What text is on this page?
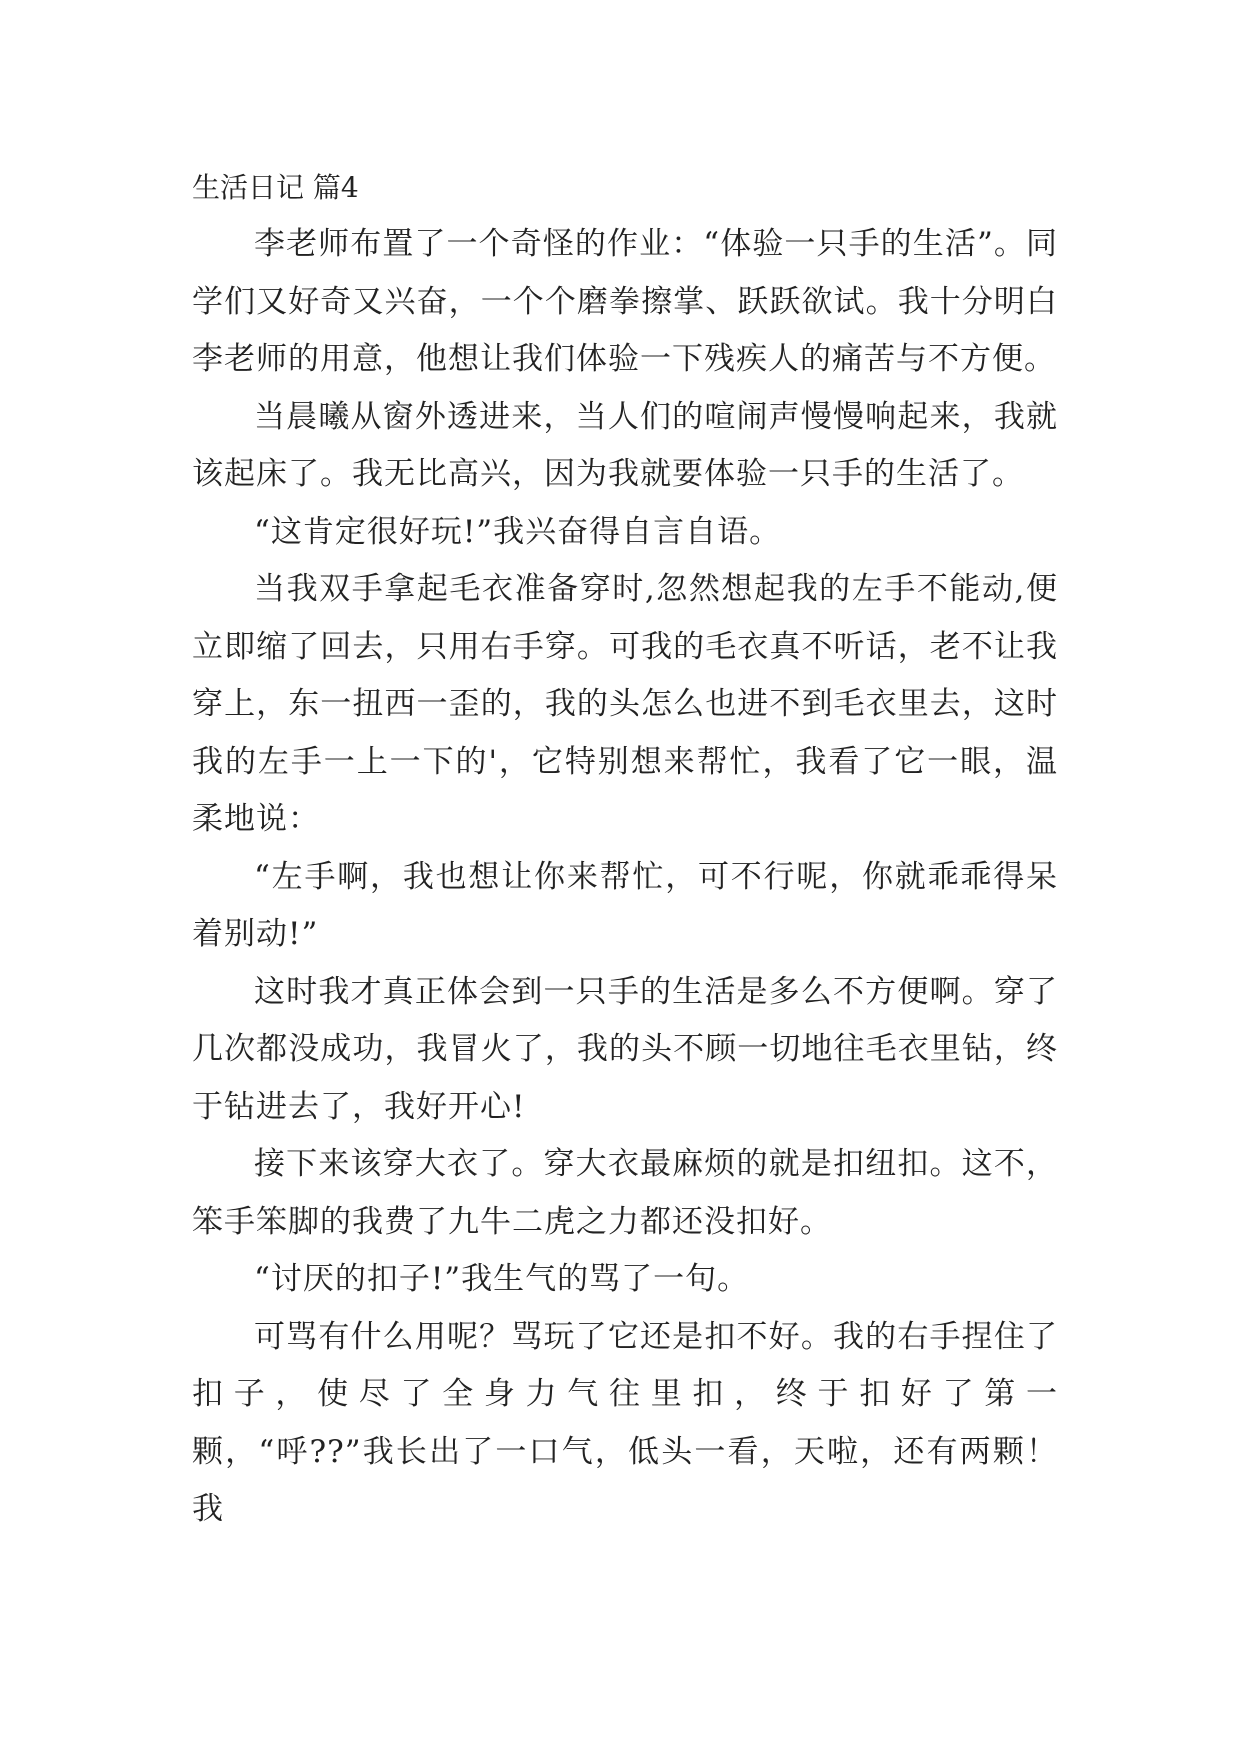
生活日记 篇4

李老师布置了一个奇怪的作业：“体验一只手的生活”。同学们又好奇又兴奋，一个个磨拳擦掌、跃跃欲试。我十分明白李老师的用意，他想让我们体验一下残疾人的痛苦与不方便。

当晨曦从窗外透进来，当人们的喧闹声慢慢响起来，我就该起床了。我无比高兴，因为我就要体验一只手的生活了。

“这肯定很好玩!”我兴奋得自言自语。

当我双手拿起毛衣准备穿时,忽然想起我的左手不能动,便立即缩了回去，只用右手穿。可我的毛衣真不听话，老不让我穿上，东一扭西一歪的，我的头怎么也进不到毛衣里去，这时我的左手一上一下的'，它特别想来帮忙，我看了它一眼，温柔地说：

“左手啊，我也想让你来帮忙，可不行呢，你就乖乖得呆着别动!”

这时我才真正体会到一只手的生活是多么不方便啊。穿了几次都没成功，我冒火了，我的头不顾一切地往毛衣里钻，终于钻进去了，我好开心!

接下来该穿大衣了。穿大衣最麻烦的就是扣纽扣。这不，笨手笨脚的我费了九牛二虎之力都还没扣好。

“讨厌的扣子!”我生气的骂了一句。

可骂有什么用呢？骂玩了它还是扣不好。我的右手捏住了扣子，使尽了全身力气往里扣，终于扣好了第一颗，“呼??”我长出了一口气，低头一看，天啦，还有两颗！我
